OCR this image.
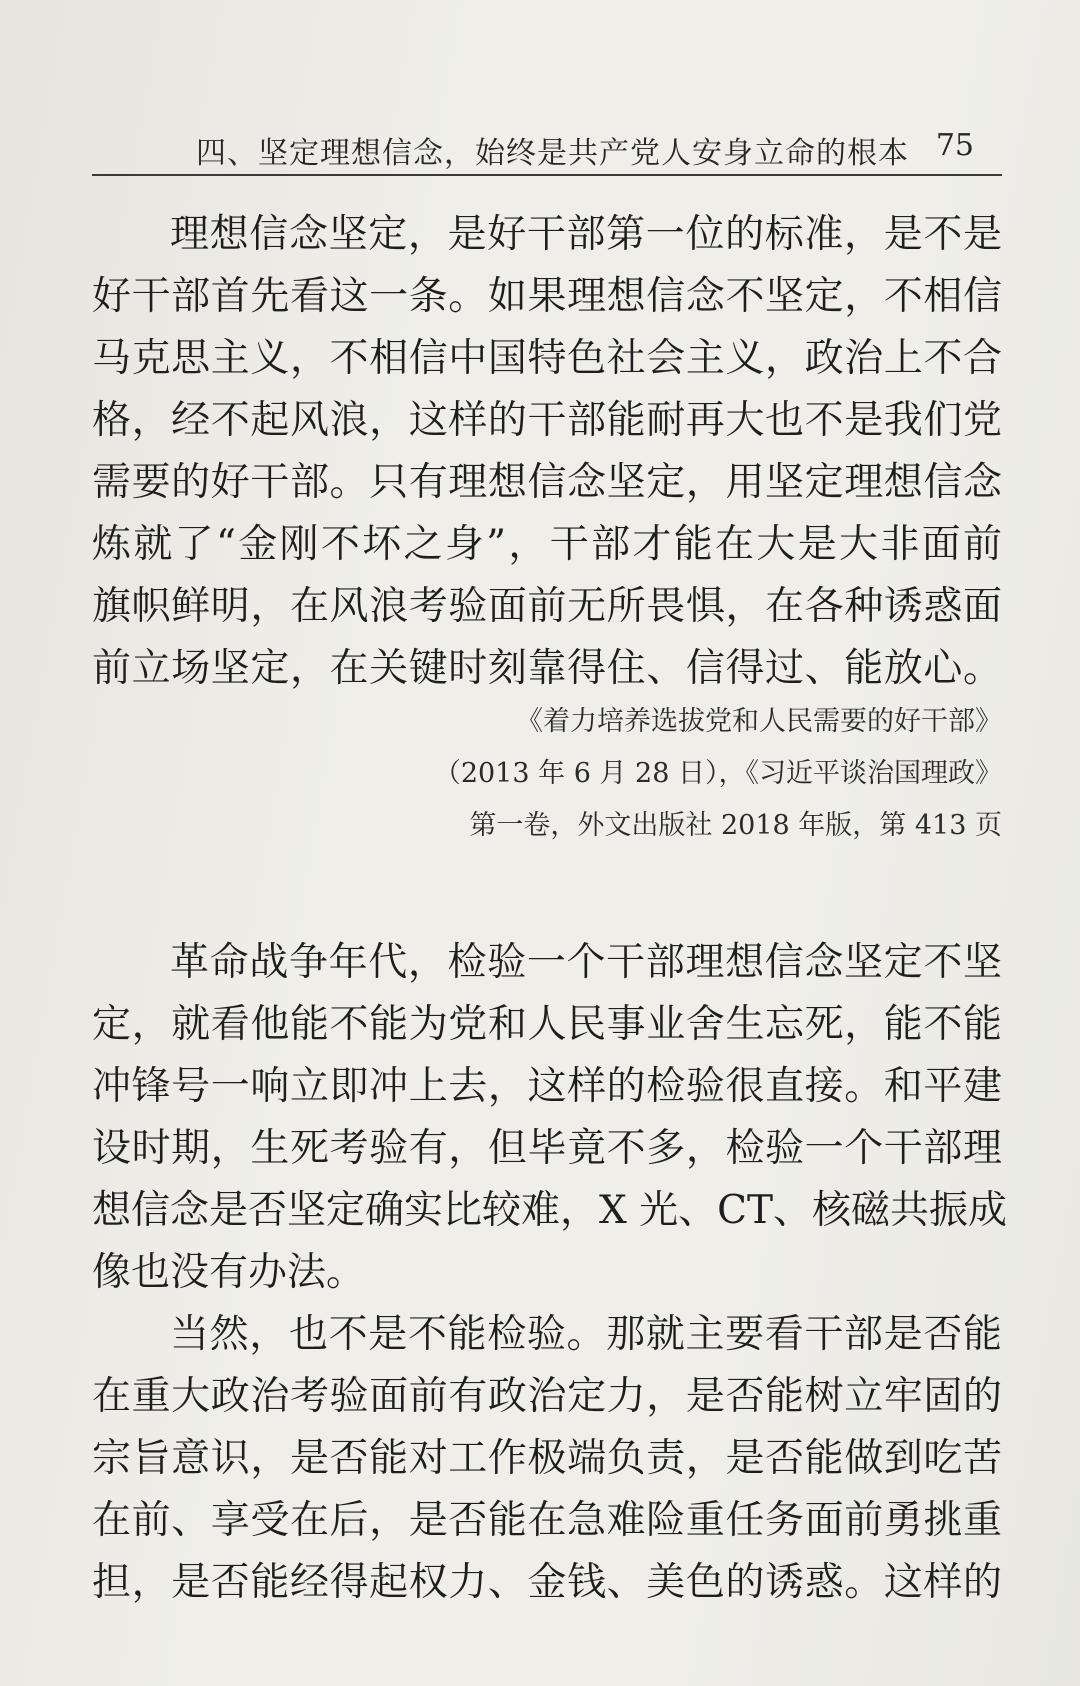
四、坚定理想信念，始终是共产党人安身立命的根本 75
理想信念坚定，是好干部第一位的标准，是不是
好干部首先看这一条。如果理想信念不坚定，不相信
马克思主义，不相信中国特色社会主义，政治上不合
格，经不起风浪，这样的干部能耐再大也不是我们党
需要的好干部。只有理想信念坚定，用坚定理想信念
炼就了“金刚不坏之身”，干部才能在大是大非面前
旗帜鲜明，在风浪考验面前无所畏惧，在各种诱惑面
前立场坚定，在关键时刻靠得住、信得过、能放心。
《着力培养选拔党和人民需要的好干部》
（2013 年 6 月 28 日），《习近平谈治国理政》
第一卷，外文出版社 2018 年版，第 413 页
革命战争年代，检验一个干部理想信念坚定不坚
定，就看他能不能为党和人民事业舍生忘死，能不能
冲锋号一响立即冲上去，这样的检验很直接。和平建
设时期，生死考验有，但毕竟不多，检验一个干部理
想信念是否坚定确实比较难，X 光、CT、核磁共振成
像也没有办法。
当然，也不是不能检验。那就主要看干部是否能
在重大政治考验面前有政治定力，是否能树立牢固的
宗旨意识，是否能对工作极端负责，是否能做到吃苦
在前、享受在后，是否能在急难险重任务面前勇挑重
担，是否能经得起权力、金钱、美色的诱惑。这样的
